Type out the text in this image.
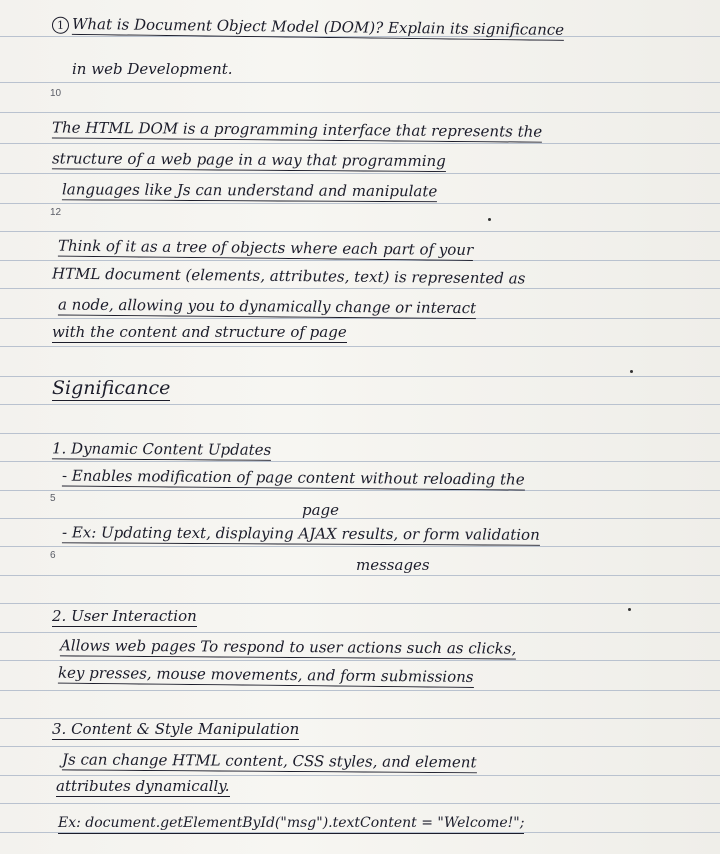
10
12
5
6
1 What is Document Object Model (DOM)? Explain its significance
in web Development.
The HTML DOM is a programming interface that represents the
structure of a web page in a way that programming
languages like Js can understand and manipulate
Think of it as a tree of objects where each part of your
HTML document (elements, attributes, text) is represented as
a node, allowing you to dynamically change or interact
with the content and structure of page
Significance
1. Dynamic Content Updates
- Enables modification of page content without reloading the
page
- Ex: Updating text, displaying AJAX results, or form validation
messages
2. User Interaction
Allows web pages To respond to user actions such as clicks,
key presses, mouse movements, and form submissions
3. Content & Style Manipulation
Js can change HTML content, CSS styles, and element
attributes dynamically.
Ex: document.getElementById("msg").textContent = "Welcome!";
